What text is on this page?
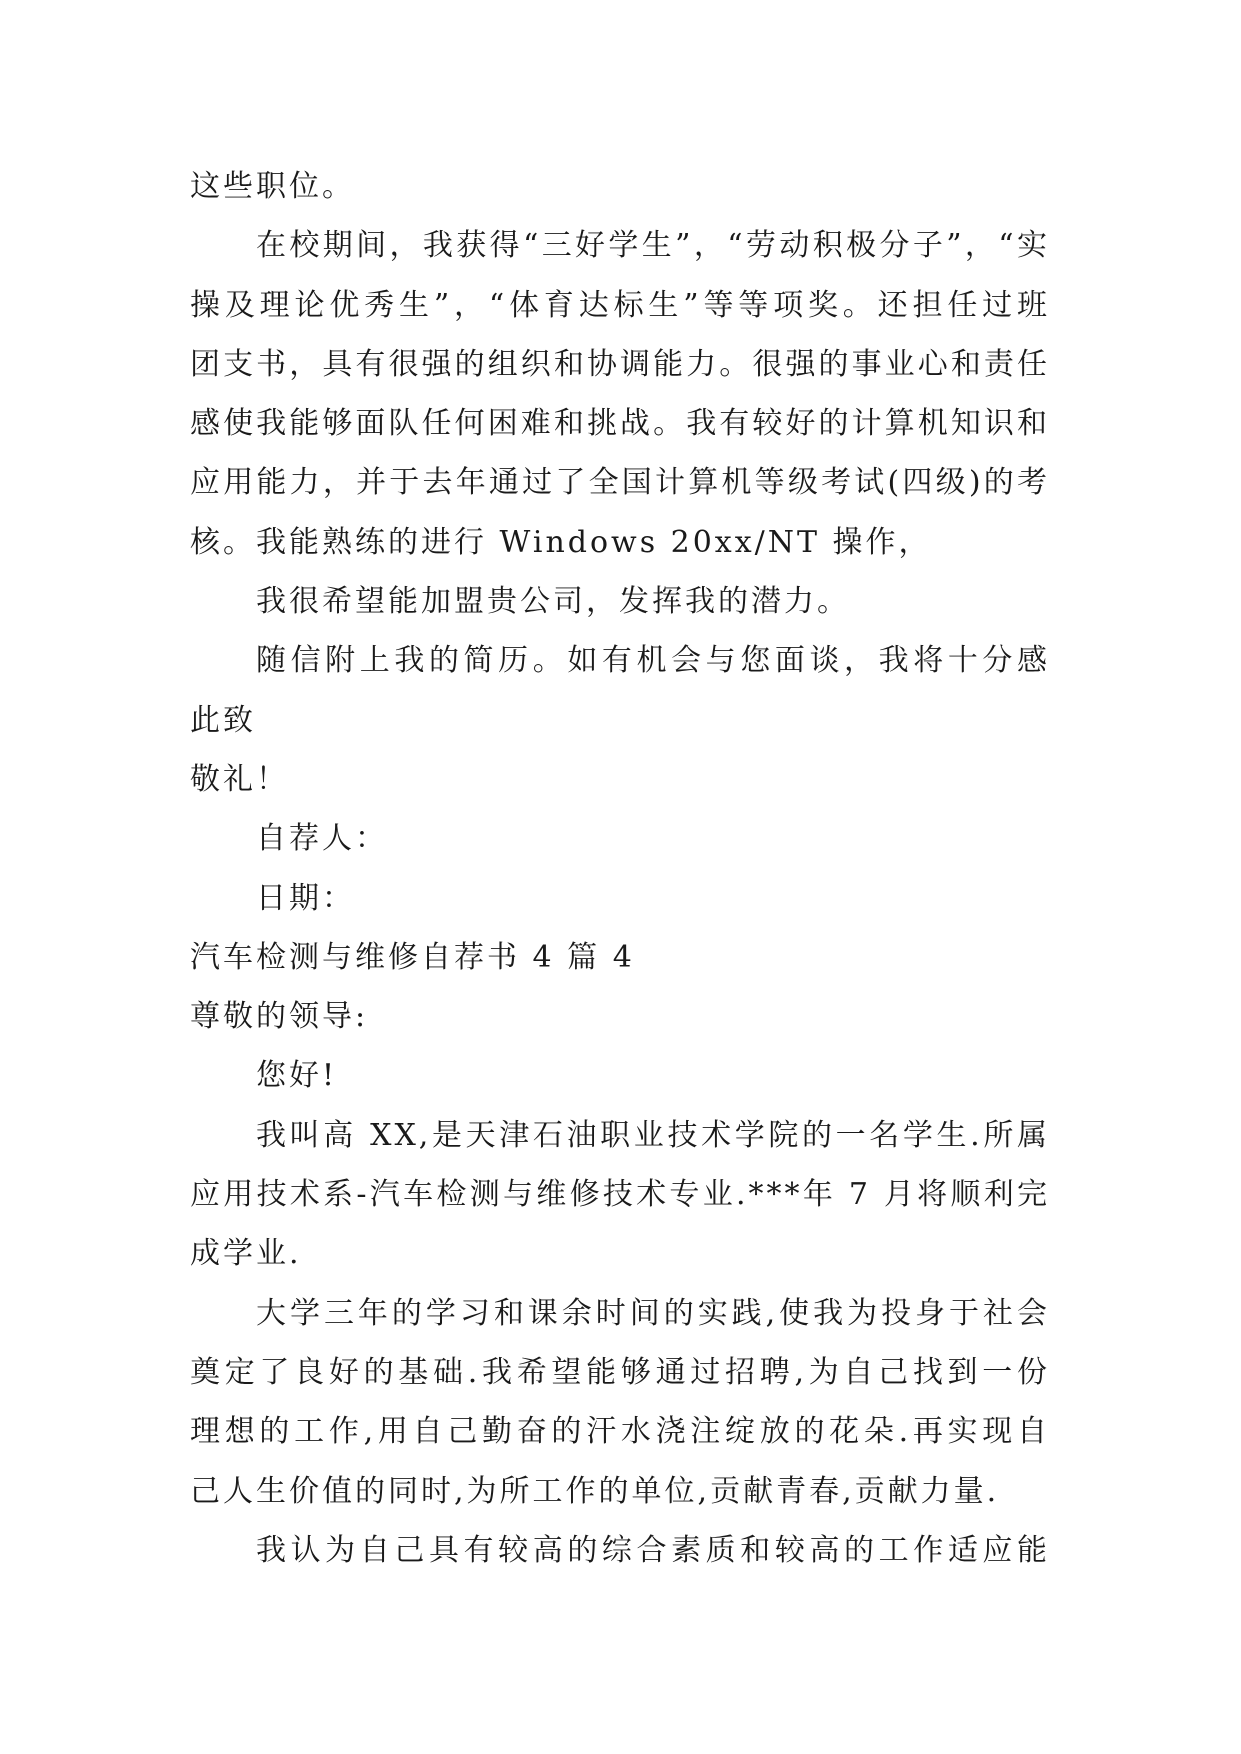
这些职位。
在校期间，我获得“三好学生”，“劳动积极分子”，“实
操及理论优秀生”，“体育达标生”等等项奖。还担任过班
团支书，具有很强的组织和协调能力。很强的事业心和责任
感使我能够面队任何困难和挑战。我有较好的计算机知识和
应用能力，并于去年通过了全国计算机等级考试(四级)的考
核。我能熟练的进行 Windows 20xx/NT 操作，
我很希望能加盟贵公司，发挥我的潜力。
随信附上我的简历。如有机会与您面谈，我将十分感
此致
敬礼！
自荐人：
日期：
汽车检测与维修自荐书 4 篇 4
尊敬的领导:
您好!
我叫高 XX,是天津石油职业技术学院的一名学生.所属
应用技术系-汽车检测与维修技术专业.***年 7 月将顺利完
成学业.
大学三年的学习和课余时间的实践,使我为投身于社会
奠定了良好的基础.我希望能够通过招聘,为自己找到一份
理想的工作,用自己勤奋的汗水浇注绽放的花朵.再实现自
己人生价值的同时,为所工作的单位,贡献青春,贡献力量.
我认为自己具有较高的综合素质和较高的工作适应能
